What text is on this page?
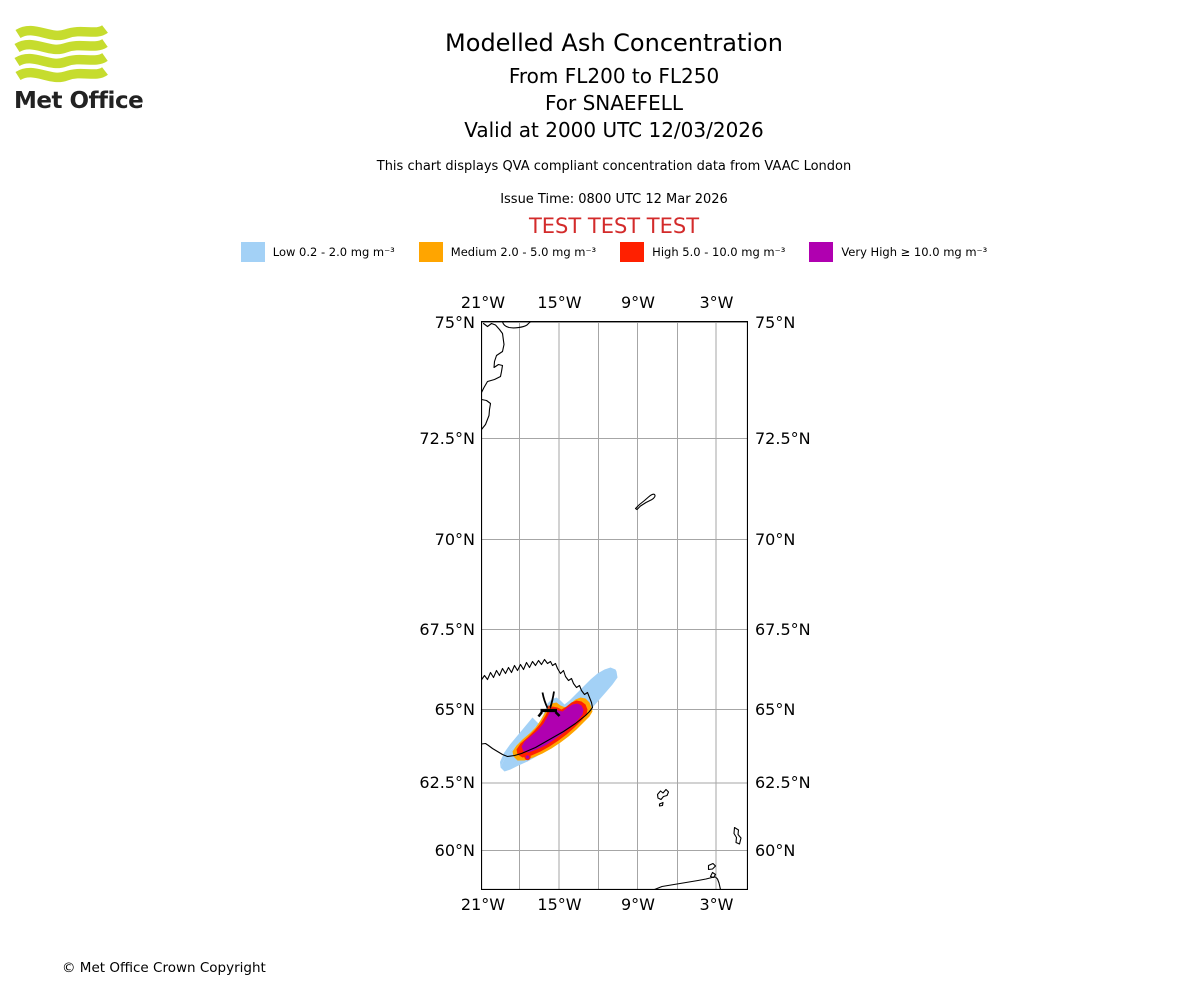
Met Office
Modelled Ash Concentration
From FL200 to FL250
For SNAEFELL
Valid at 2000 UTC 12/03/2026
This chart displays QVA compliant concentration data from VAAC London
Issue Time: 0800 UTC 12 Mar 2026
TEST TEST TEST
Low 0.2 - 2.0 mg m⁻³	Medium 2.0 - 5.0 mg m⁻³	High 5.0 - 10.0 mg m⁻³	Very High ≥ 10.0 mg m⁻³
21°W	15°W	9°W	3°W
21°W	15°W	9°W	3°W
75°N
72.5°N
70°N
67.5°N
65°N
62.5°N
60°N
75°N
72.5°N
70°N
67.5°N
65°N
62.5°N
60°N
© Met Office Crown Copyright
